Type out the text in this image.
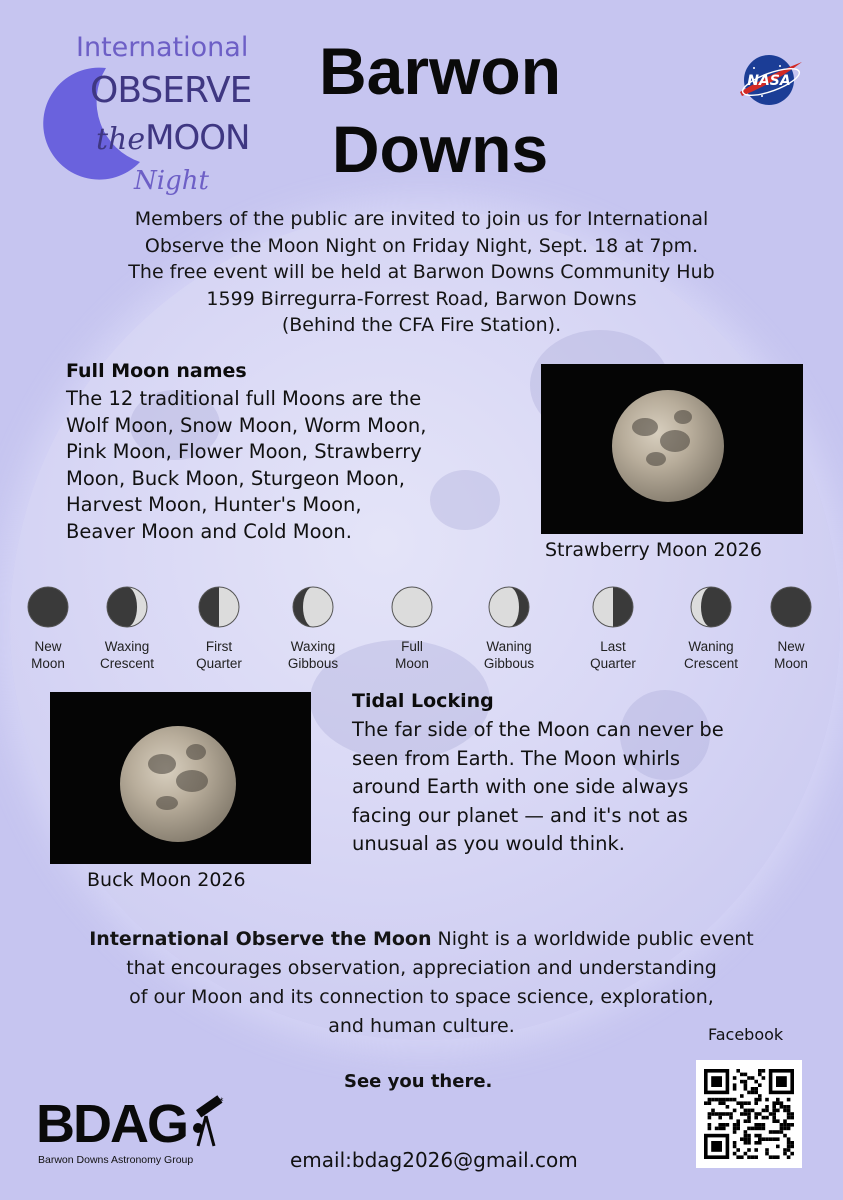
International
OBSERVE
theMOON
Night
Barwon
Downs
NASA
Members of the public are invited to join us for International
Observe the Moon Night on Friday Night, Sept. 18 at 7pm.
The free event will be held at Barwon Downs Community Hub
1599 Birregurra-Forrest Road, Barwon Downs
(Behind the CFA Fire Station).
Full Moon names
The 12 traditional full Moons are the
Wolf Moon, Snow Moon, Worm Moon,
Pink Moon, Flower Moon, Strawberry
Moon, Buck Moon, Sturgeon Moon,
Harvest Moon, Hunter's Moon,
Beaver Moon and Cold Moon.
Strawberry Moon 2026
New
Moon
Waxing
Crescent
First
Quarter
Waxing
Gibbous
Full
Moon
Waning
Gibbous
Last
Quarter
Waning
Crescent
New
Moon
Buck Moon 2026
Tidal Locking
The far side of the Moon can never be
seen from Earth. The Moon whirls
around Earth with one side always
facing our planet — and it's not as
unusual as you would think.
International Observe the Moon Night is a worldwide public event
that encourages observation, appreciation and understanding
of our Moon and its connection to space science, exploration,
and human culture.	Facebook
See you there.
BDAG
Barwon Downs Astronomy Group
*
email:bdag2026@gmail.com
